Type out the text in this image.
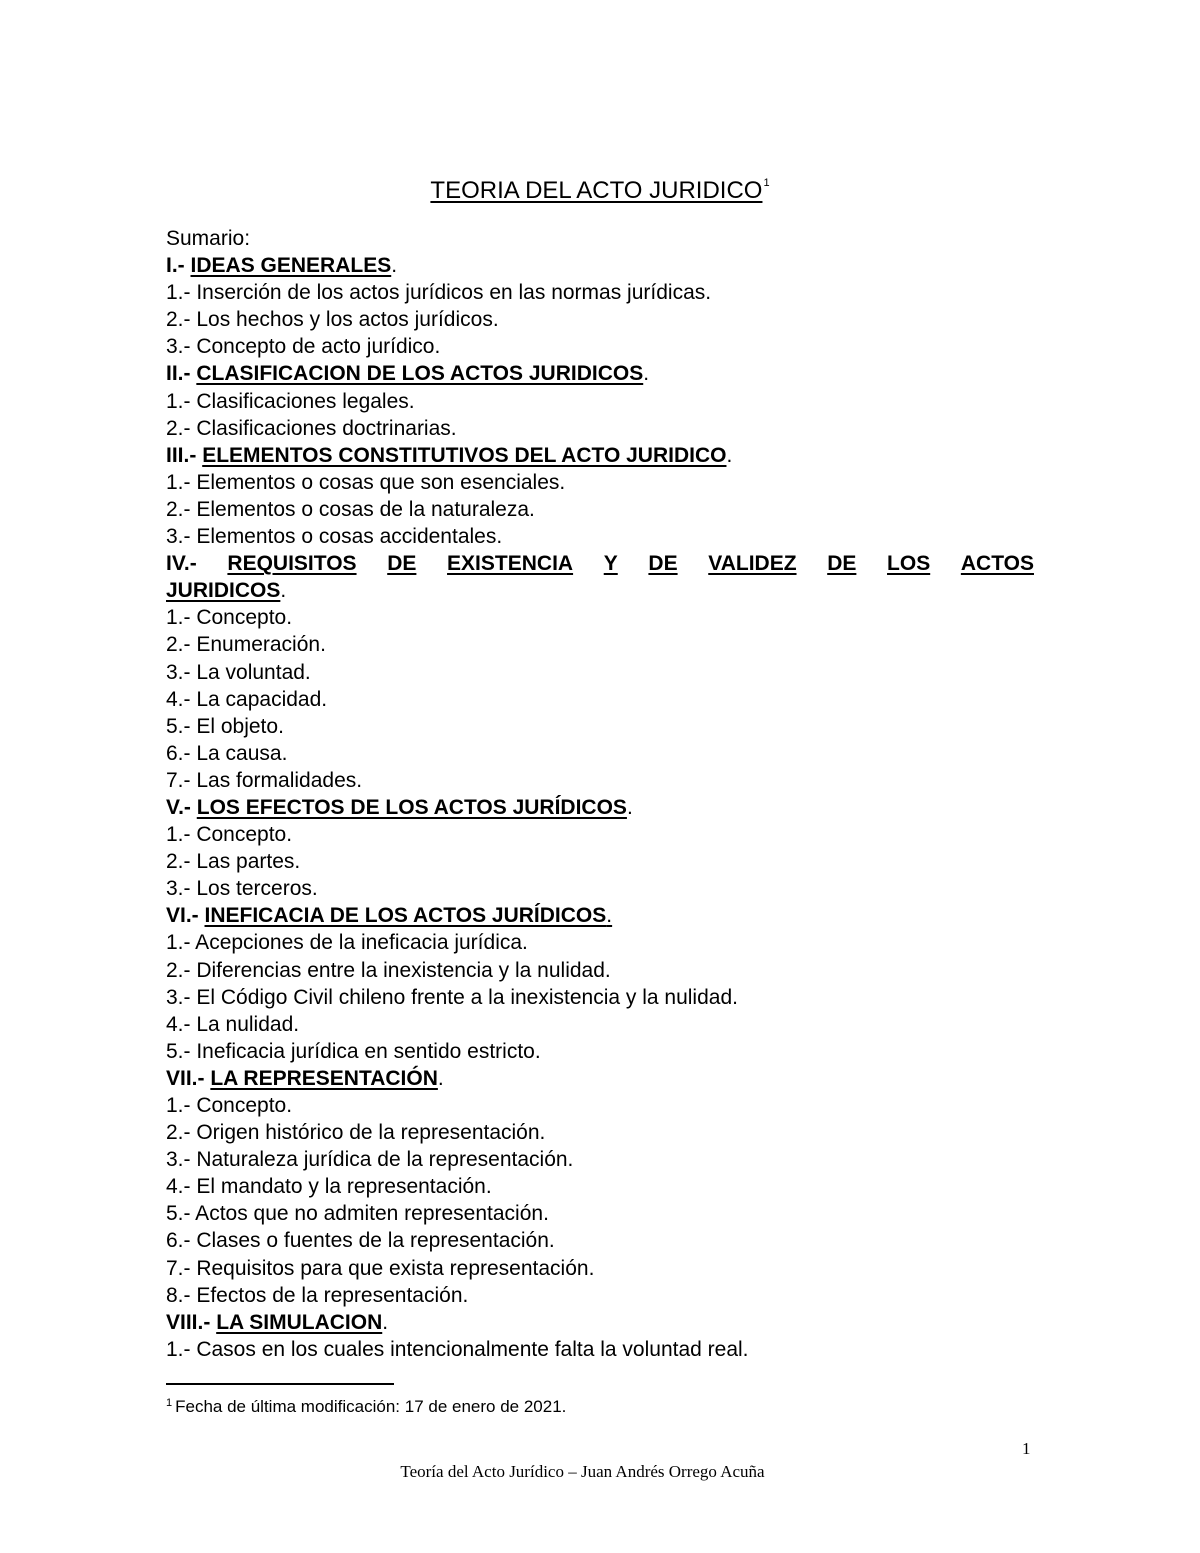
TEORIA DEL ACTO JURIDICO$^1$
Sumario:
I.- IDEAS GENERALES.
1.- Inserción de los actos jurídicos en las normas jurídicas.
2.- Los hechos y los actos jurídicos.
3.- Concepto de acto jurídico.
II.- CLASIFICACION DE LOS ACTOS JURIDICOS.
1.- Clasificaciones legales.
2.- Clasificaciones doctrinarias.
III.- ELEMENTOS CONSTITUTIVOS DEL ACTO JURIDICO.
1.- Elementos o cosas que son esenciales.
2.- Elementos o cosas de la naturaleza.
3.- Elementos o cosas accidentales.
IV.- REQUISITOS DE EXISTENCIA Y DE VALIDEZ DE LOS ACTOS
JURIDICOS.
1.- Concepto.
2.- Enumeración.
3.- La voluntad.
4.- La capacidad.
5.- El objeto.
6.- La causa.
7.- Las formalidades.
V.- LOS EFECTOS DE LOS ACTOS JURÍDICOS.
1.- Concepto.
2.- Las partes.
3.- Los terceros.
VI.- INEFICACIA DE LOS ACTOS JURÍDICOS.
1.- Acepciones de la ineficacia jurídica.
2.- Diferencias entre la inexistencia y la nulidad.
3.- El Código Civil chileno frente a la inexistencia y la nulidad.
4.- La nulidad.
5.- Ineficacia jurídica en sentido estricto.
VII.- LA REPRESENTACIÓN.
1.- Concepto.
2.- Origen histórico de la representación.
3.- Naturaleza jurídica de la representación.
4.- El mandato y la representación.
5.- Actos que no admiten representación.
6.- Clases o fuentes de la representación.
7.- Requisitos para que exista representación.
8.- Efectos de la representación.
VIII.- LA SIMULACION.
1.- Casos en los cuales intencionalmente falta la voluntad real.
$^1$ Fecha de última modificación: 17 de enero de 2021.
1
Teoría del Acto Jurídico – Juan Andrés Orrego Acuña
